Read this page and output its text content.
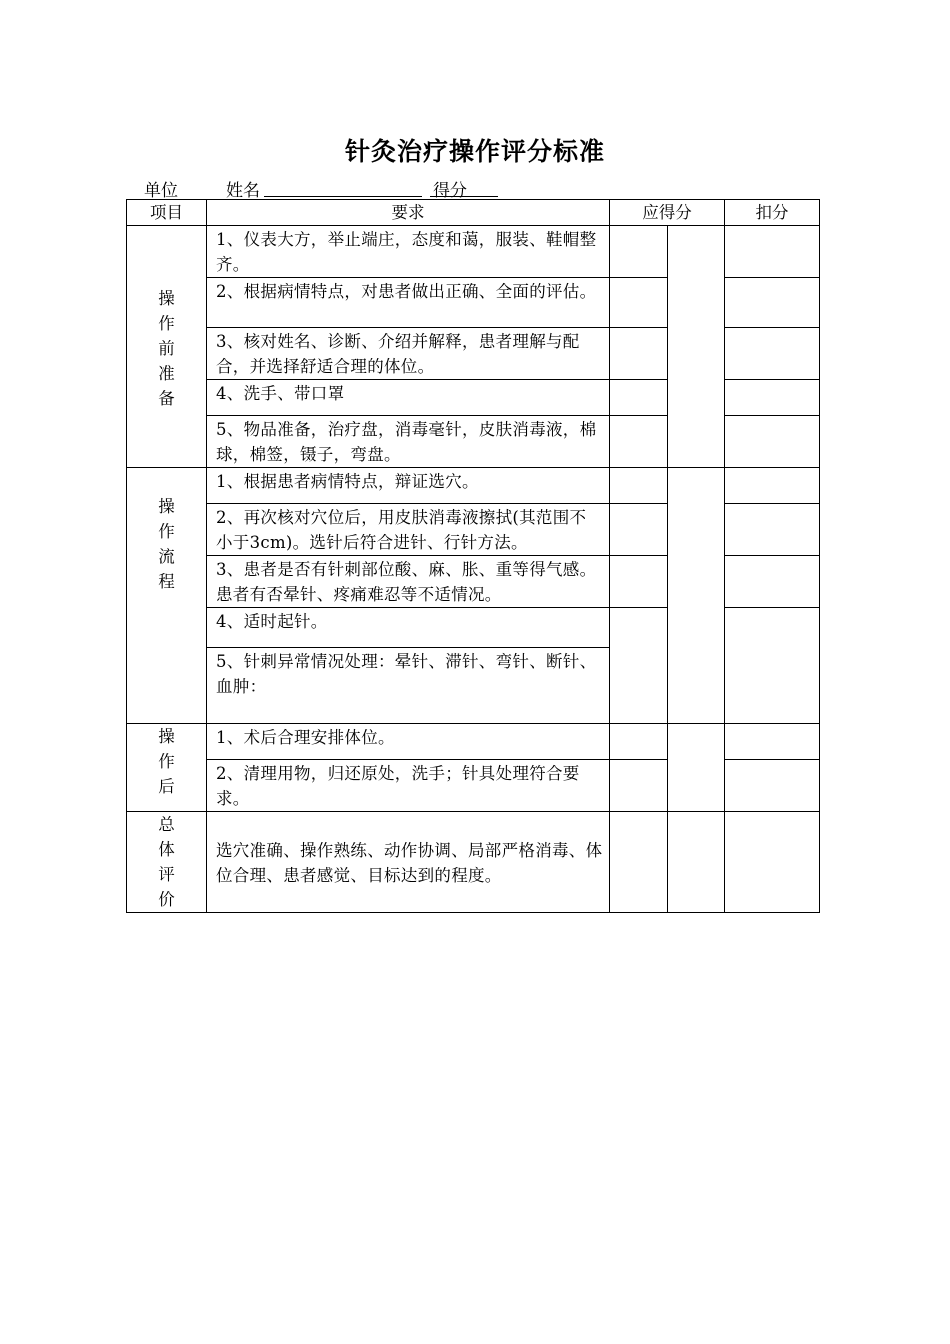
针灸治疗操作评分标准
单位	姓名	得分
项目	要求	应得分		扣分

操作前准备	1、仪表大方，举止端庄，态度和蔼，服装、鞋帽整齐。			
	2、根据病情特点，对患者做出正确、全面的评估。			
	3、核对姓名、诊断、介绍并解释，患者理解与配合，并选择舒适合理的体位。			
	4、洗手、带口罩			
	5、物品准备，治疗盘，消毒毫针，皮肤消毒液，棉球，棉签，镊子，弯盘。			

操作流程	1、根据患者病情特点，辩证选穴。			
	2、再次核对穴位后，用皮肤消毒液擦拭(其范围不小于3cm)。选针后符合进针、行针方法。			
	3、患者是否有针刺部位酸、麻、胀、重等得气感。患者有否晕针、疼痛难忍等不适情况。			
	4、适时起针。			
	5、针刺异常情况处理：晕针、滞针、弯针、断针、 血肿：			

操作后	1、术后合理安排体位。			
	2、清理用物，归还原处，洗手；针具处理符合要求。			

总体评价	选穴准确、操作熟练、动作协调、局部严格消毒、体位合理、患者感觉、目标达到的程度。			
